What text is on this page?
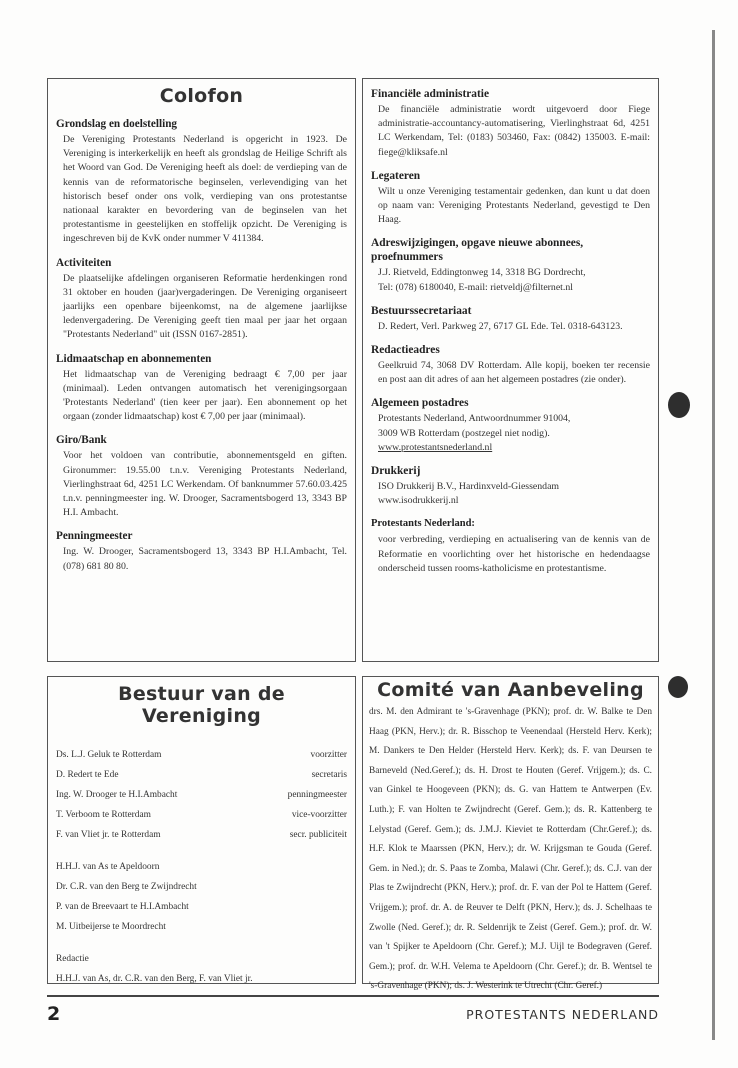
Colofon
Grondslag en doelstelling
De Vereniging Protestants Nederland is opgericht in 1923. De Vereniging is interkerkelijk en heeft als grondslag de Heilige Schrift als het Woord van God. De Vereniging heeft als doel: de verdieping van de kennis van de reformatorische beginselen, verlevendiging van het historisch besef onder ons volk, verdieping van ons protestantse nationaal karakter en bevordering van de beginselen van het protestantisme in geestelijken en stoffelijk opzicht. De Vereniging is ingeschreven bij de KvK onder nummer V 411384.
Activiteiten
De plaatselijke afdelingen organiseren Reformatie herdenkingen rond 31 oktober en houden (jaar)vergaderingen. De Vereniging organiseert jaarlijks een openbare bijeenkomst, na de algemene jaarlijkse ledenvergadering. De Vereniging geeft tien maal per jaar het orgaan "Protestants Nederland" uit (ISSN 0167-2851).
Lidmaatschap en abonnementen
Het lidmaatschap van de Vereniging bedraagt € 7,00 per jaar (minimaal). Leden ontvangen automatisch het verenigingsorgaan 'Protestants Nederland' (tien keer per jaar). Een abonnement op het orgaan (zonder lidmaatschap) kost € 7,00 per jaar (minimaal).
Giro/Bank
Voor het voldoen van contributie, abonnementsgeld en giften. Gironummer: 19.55.00 t.n.v. Vereniging Protestants Nederland, Vierlinghstraat 6d, 4251 LC Werkendam. Of banknummer 57.60.03.425 t.n.v. penningmeester ing. W. Drooger, Sacramentsbogerd 13, 3343 BP H.I. Ambacht.
Penningmeester
Ing. W. Drooger, Sacramentsbogerd 13, 3343 BP H.I.Ambacht, Tel. (078) 681 80 80.
Financiële administratie
De financiële administratie wordt uitgevoerd door Fiege administratie-accountancy-automatisering, Vierlinghstraat 6d, 4251 LC Werkendam, Tel: (0183) 503460, Fax: (0842) 135003. E-mail: fiege@kliksafe.nl
Legateren
Wilt u onze Vereniging testamentair gedenken, dan kunt u dat doen op naam van: Vereniging Protestants Nederland, gevestigd te Den Haag.
Adreswijzigingen, opgave nieuwe abonnees, proefnummers
J.J. Rietveld, Eddingtonweg 14, 3318 BG Dordrecht,
Tel: (078) 6180040, E-mail: rietveldj@filternet.nl
Bestuurssecretariaat
D. Redert, Verl. Parkweg 27, 6717 GL Ede. Tel. 0318-643123.
Redactieadres
Geelkruid 74, 3068 DV Rotterdam. Alle kopij, boeken ter recensie en post aan dit adres of aan het algemeen postadres (zie onder).
Algemeen postadres
Protestants Nederland, Antwoordnummer 91004,
3009 WB Rotterdam (postzegel niet nodig).
www.protestantsnederland.nl
Drukkerij
ISO Drukkerij B.V., Hardinxveld-Giessendam
www.isodrukkerij.nl
Protestants Nederland:
voor verbreding, verdieping en actualisering van de kennis van de Reformatie en voorlichting over het historische en hedendaagse onderscheid tussen rooms-katholicisme en protestantisme.
Bestuur van de Vereniging
Ds. L.J. Geluk te Rotterdam	voorzitter
D. Redert te Ede	secretaris
Ing. W. Drooger te H.I.Ambacht	penningmeester
T. Verboom te Rotterdam	vice-voorzitter
F. van Vliet jr. te Rotterdam	secr. publiciteit
H.H.J. van As te Apeldoorn
Dr. C.R. van den Berg te Zwijndrecht
P. van de Breevaart te H.I.Ambacht
M. Uitbeijerse te Moordrecht
Redactie
H.H.J. van As, dr. C.R. van den Berg, F. van Vliet jr.
Comité van Aanbeveling
drs. M. den Admirant te 's-Gravenhage (PKN); prof. dr. W. Balke te Den Haag (PKN, Herv.); dr. R. Bisschop te Veenendaal (Hersteld Herv. Kerk); M. Dankers te Den Helder (Hersteld Herv. Kerk); ds. F. van Deursen te Barneveld (Ned.Geref.); ds. H. Drost te Houten (Geref. Vrijgem.); ds. C. van Ginkel te Hoogeveen (PKN); ds. G. van Hattem te Antwerpen (Ev. Luth.); F. van Holten te Zwijndrecht (Geref. Gem.); ds. R. Kattenberg te Lelystad (Geref. Gem.); ds. J.M.J. Kieviet te Rotterdam (Chr.Geref.); ds. H.F. Klok te Maarssen (PKN, Herv.); dr. W. Krijgsman te Gouda (Geref. Gem. in Ned.); dr. S. Paas te Zomba, Malawi (Chr. Geref.); ds. C.J. van der Plas te Zwijndrecht (PKN, Herv.); prof. dr. F. van der Pol te Hattem (Geref. Vrijgem.); prof. dr. A. de Reuver te Delft (PKN, Herv.); ds. J. Schelhaas te Zwolle (Ned. Geref.); dr. R. Seldenrijk te Zeist (Geref. Gem.); prof. dr. W. van 't Spijker te Apeldoorn (Chr. Geref.); M.J. Uijl te Bodegraven (Geref. Gem.); prof. dr. W.H. Velema te Apeldoorn (Chr. Geref.); dr. B. Wentsel te 's-Gravenhage (PKN); ds. J. Westerink te Utrecht (Chr. Geref.)
2	PROTESTANTS NEDERLAND
